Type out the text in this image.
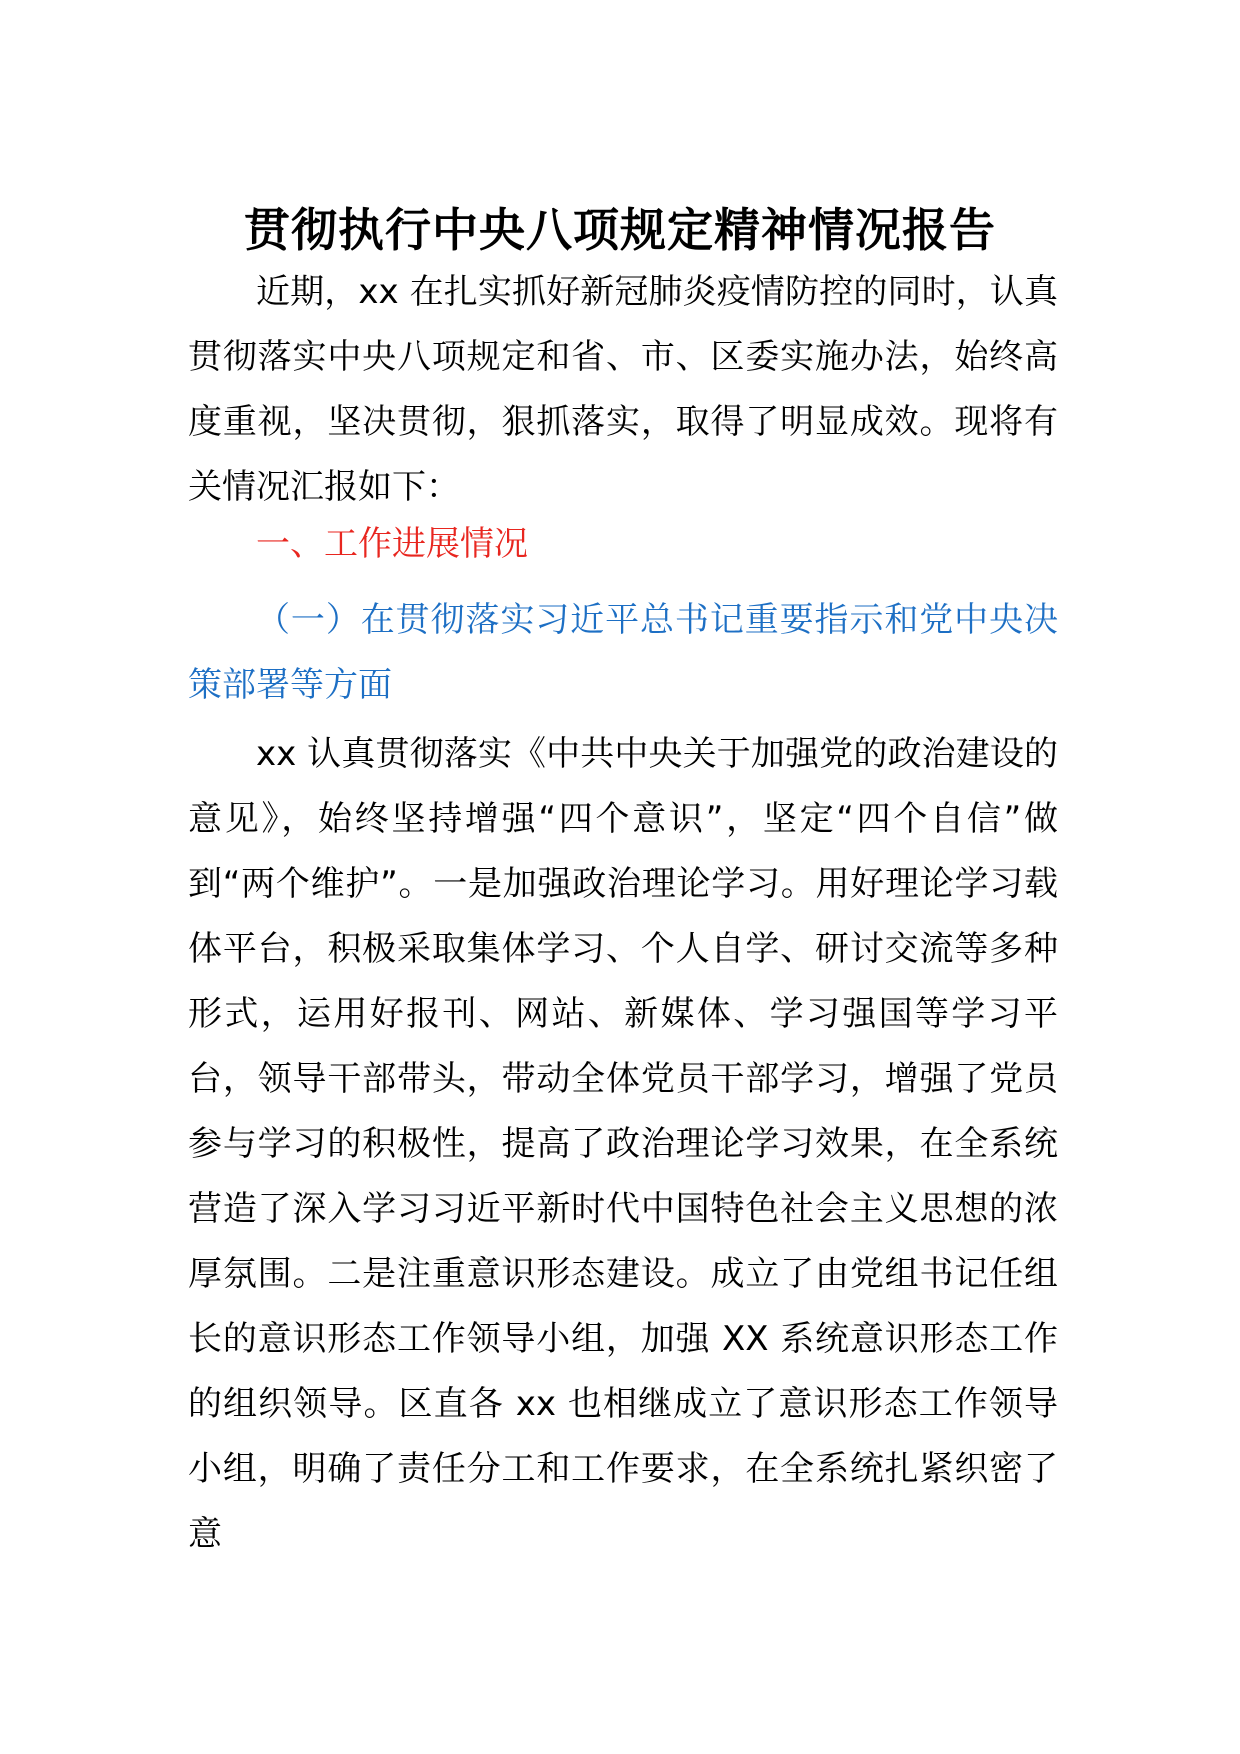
贯彻执行中央八项规定精神情况报告

近期，xx 在扎实抓好新冠肺炎疫情防控的同时，认真贯彻落实中央八项规定和省、市、区委实施办法，始终高度重视，坚决贯彻，狠抓落实，取得了明显成效。现将有关情况汇报如下：

一、工作进展情况

（一）在贯彻落实习近平总书记重要指示和党中央决策部署等方面

xx 认真贯彻落实《中共中央关于加强党的政治建设的意见》，始终坚持增强“四个意识”，坚定“四个自信”做到“两个维护”。一是加强政治理论学习。用好理论学习载体平台，积极采取集体学习、个人自学、研讨交流等多种形式，运用好报刊、网站、新媒体、学习强国等学习平台，领导干部带头，带动全体党员干部学习，增强了党员参与学习的积极性，提高了政治理论学习效果，在全系统营造了深入学习习近平新时代中国特色社会主义思想的浓厚氛围。二是注重意识形态建设。成立了由党组书记任组长的意识形态工作领导小组，加强 XX 系统意识形态工作的组织领导。区直各 xx 也相继成立了意识形态工作领导小组，明确了责任分工和工作要求，在全系统扎紧织密了意
